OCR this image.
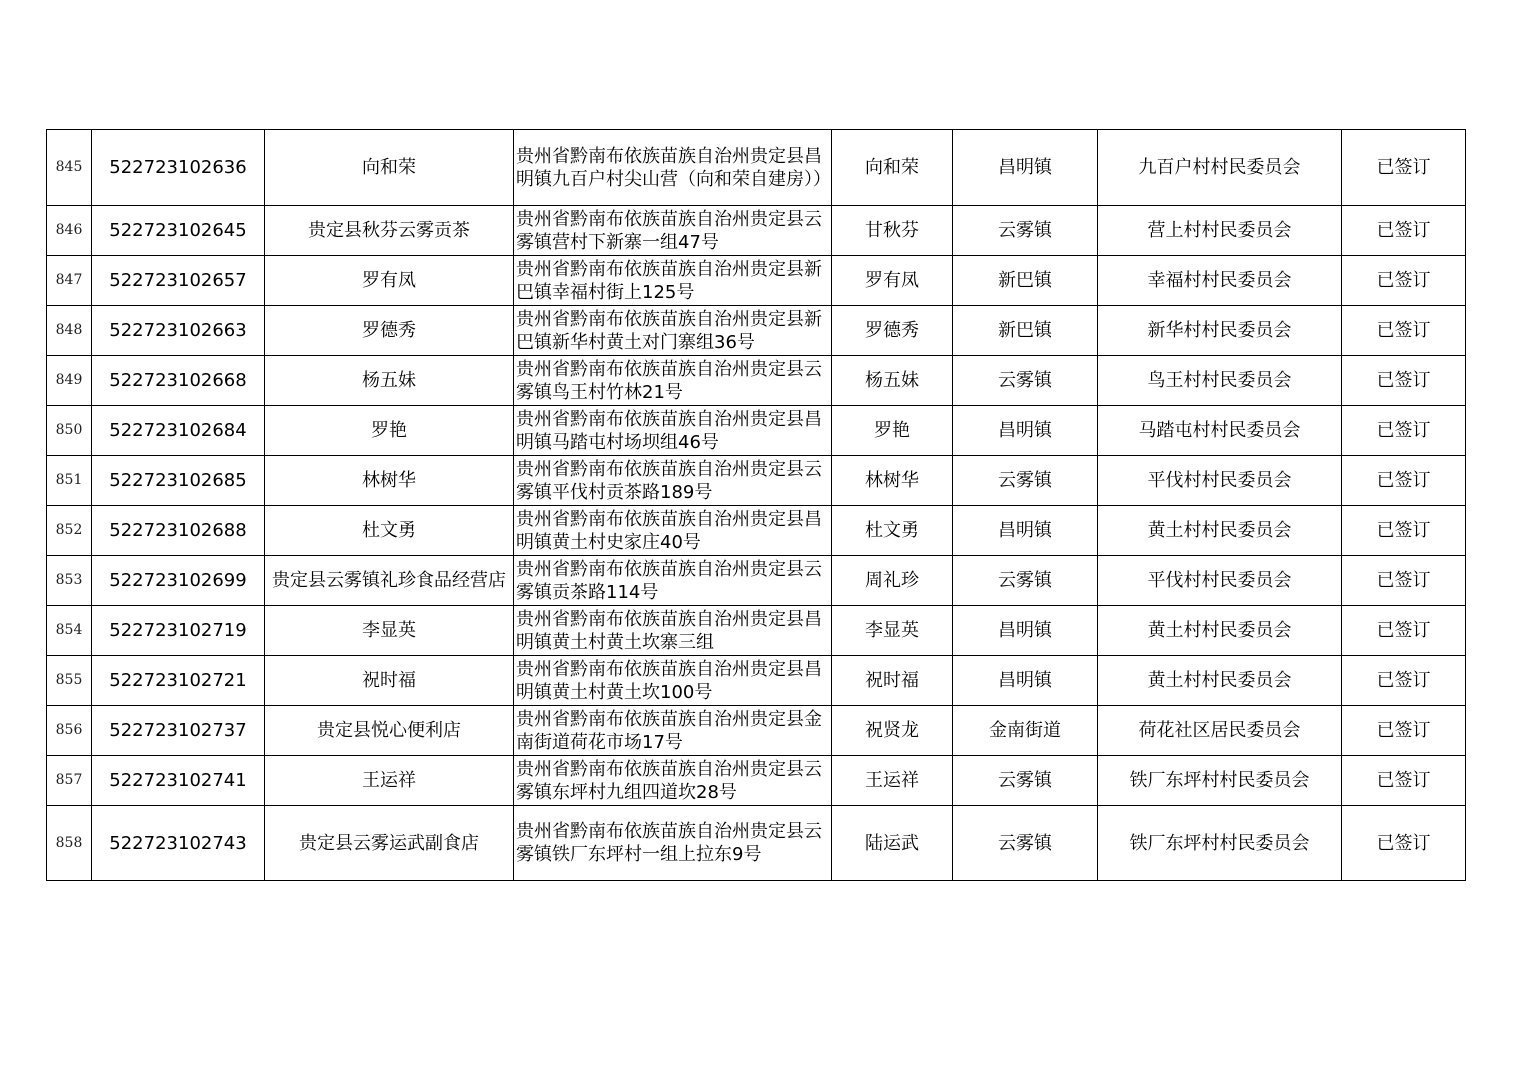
845	522723102636	向和荣	贵州省黔南布依族苗族自治州贵定县昌明镇九百户村尖山营（向和荣自建房））	向和荣	昌明镇	九百户村村民委员会	已签订
846	522723102645	贵定县秋芬云雾贡茶	贵州省黔南布依族苗族自治州贵定县云雾镇营村下新寨一组47号	甘秋芬	云雾镇	营上村村民委员会	已签订
847	522723102657	罗有凤	贵州省黔南布依族苗族自治州贵定县新巴镇幸福村街上125号	罗有凤	新巴镇	幸福村村民委员会	已签订
848	522723102663	罗德秀	贵州省黔南布依族苗族自治州贵定县新巴镇新华村黄土对门寨组36号	罗德秀	新巴镇	新华村村民委员会	已签订
849	522723102668	杨五妹	贵州省黔南布依族苗族自治州贵定县云雾镇鸟王村竹林21号	杨五妹	云雾镇	鸟王村村民委员会	已签订
850	522723102684	罗艳	贵州省黔南布依族苗族自治州贵定县昌明镇马踏屯村场坝组46号	罗艳	昌明镇	马踏屯村村民委员会	已签订
851	522723102685	林树华	贵州省黔南布依族苗族自治州贵定县云雾镇平伐村贡茶路189号	林树华	云雾镇	平伐村村民委员会	已签订
852	522723102688	杜文勇	贵州省黔南布依族苗族自治州贵定县昌明镇黄土村史家庄40号	杜文勇	昌明镇	黄土村村民委员会	已签订
853	522723102699	贵定县云雾镇礼珍食品经营店	贵州省黔南布依族苗族自治州贵定县云雾镇贡茶路114号	周礼珍	云雾镇	平伐村村民委员会	已签订
854	522723102719	李显英	贵州省黔南布依族苗族自治州贵定县昌明镇黄土村黄土坎寨三组	李显英	昌明镇	黄土村村民委员会	已签订
855	522723102721	祝时福	贵州省黔南布依族苗族自治州贵定县昌明镇黄土村黄土坎100号	祝时福	昌明镇	黄土村村民委员会	已签订
856	522723102737	贵定县悦心便利店	贵州省黔南布依族苗族自治州贵定县金南街道荷花市场17号	祝贤龙	金南街道	荷花社区居民委员会	已签订
857	522723102741	王运祥	贵州省黔南布依族苗族自治州贵定县云雾镇东坪村九组四道坎28号	王运祥	云雾镇	铁厂东坪村村民委员会	已签订
858	522723102743	贵定县云雾运武副食店	贵州省黔南布依族苗族自治州贵定县云雾镇铁厂东坪村一组上拉东9号	陆运武	云雾镇	铁厂东坪村村民委员会	已签订
